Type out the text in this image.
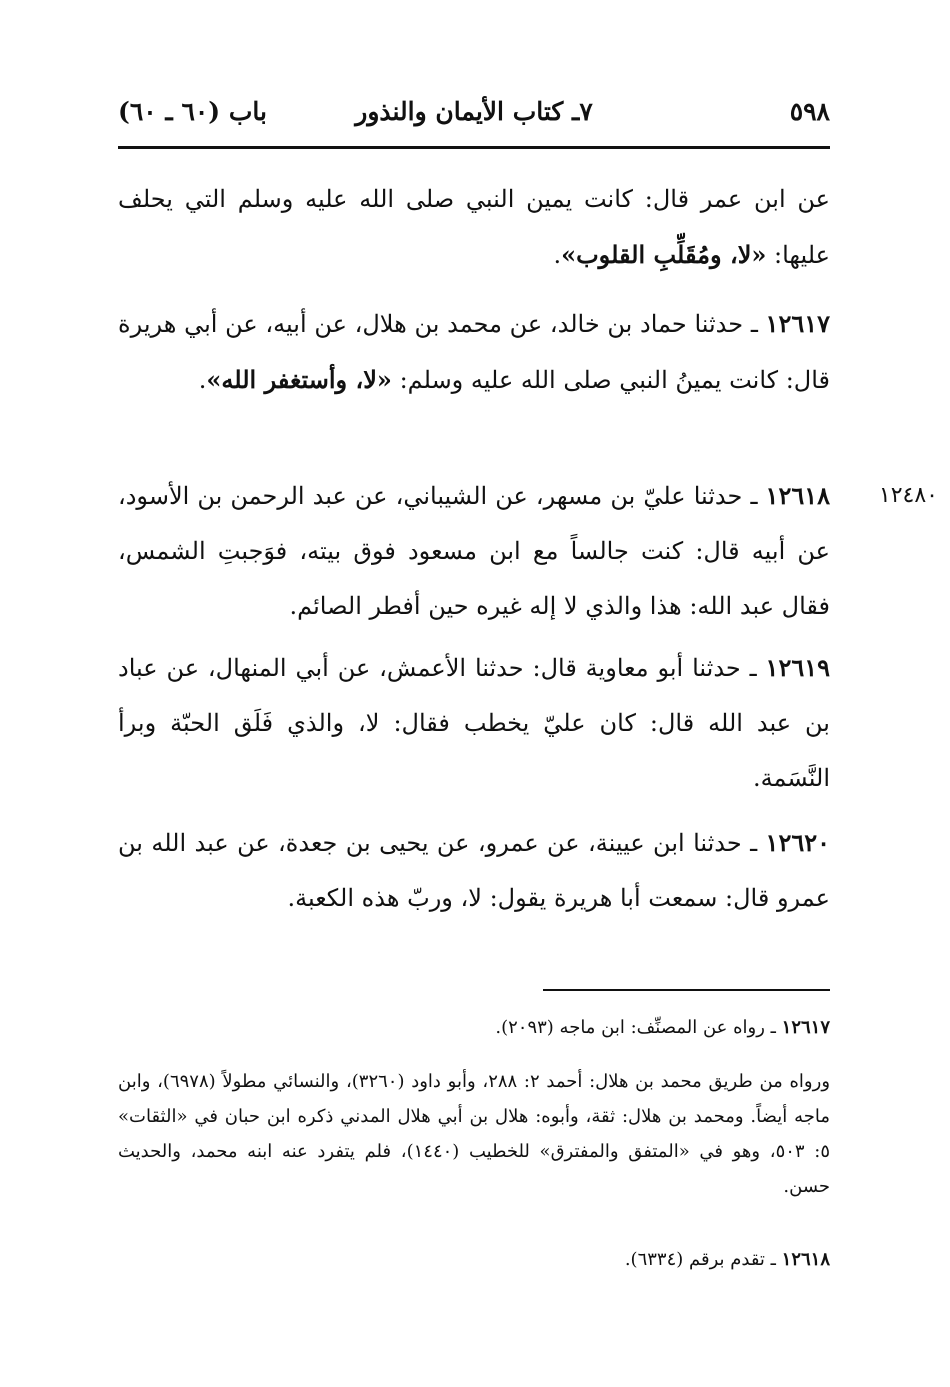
٥٩٨
٧ـ كتاب الأيمان والنذور
باب (٦٠ ـ ٦٠)

عن ابن عمر قال: كانت يمين النبي صلى الله عليه وسلم التي يحلف عليها: «لا، ومُقَلِّبِ القلوب».

١٢٦١٧ ـ حدثنا حماد بن خالد، عن محمد بن هلال، عن أبيه، عن أبي هريرة قال: كانت يمينُ النبي صلى الله عليه وسلم: «لا، وأستغفر الله».

١٢٤٨٠

١٢٦١٨ ـ حدثنا عليّ بن مسهر، عن الشيباني، عن عبد الرحمن بن الأسود، عن أبيه قال: كنت جالساً مع ابن مسعود فوق بيته، فوَجبتِ الشمس، فقال عبد الله: هذا والذي لا إله غيره حين أفطر الصائم.

١٢٦١٩ ـ حدثنا أبو معاوية قال: حدثنا الأعمش، عن أبي المنهال، عن عباد بن عبد الله قال: كان عليّ يخطب فقال: لا، والذي فَلَق الحبّة وبرأ النَّسَمة.

١٢٦٢٠ ـ حدثنا ابن عيينة، عن عمرو، عن يحيى بن جعدة، عن عبد الله بن عمرو قال: سمعت أبا هريرة يقول: لا، وربّ هذه الكعبة.

١٢٦١٧ ـ رواه عن المصنِّف: ابن ماجه (٢٠٩٣).

ورواه من طريق محمد بن هلال: أحمد ٢: ٢٨٨، وأبو داود (٣٢٦٠)، والنسائي مطولاً (٦٩٧٨)، وابن ماجه أيضاً. ومحمد بن هلال: ثقة، وأبوه: هلال بن أبي هلال المدني ذكره ابن حبان في «الثقات» ٥: ٥٠٣، وهو في «المتفق والمفترق» للخطيب (١٤٤٠)، فلم يتفرد عنه ابنه محمد، والحديث حسن.

١٢٦١٨ ـ تقدم برقم (٦٣٣٤).
